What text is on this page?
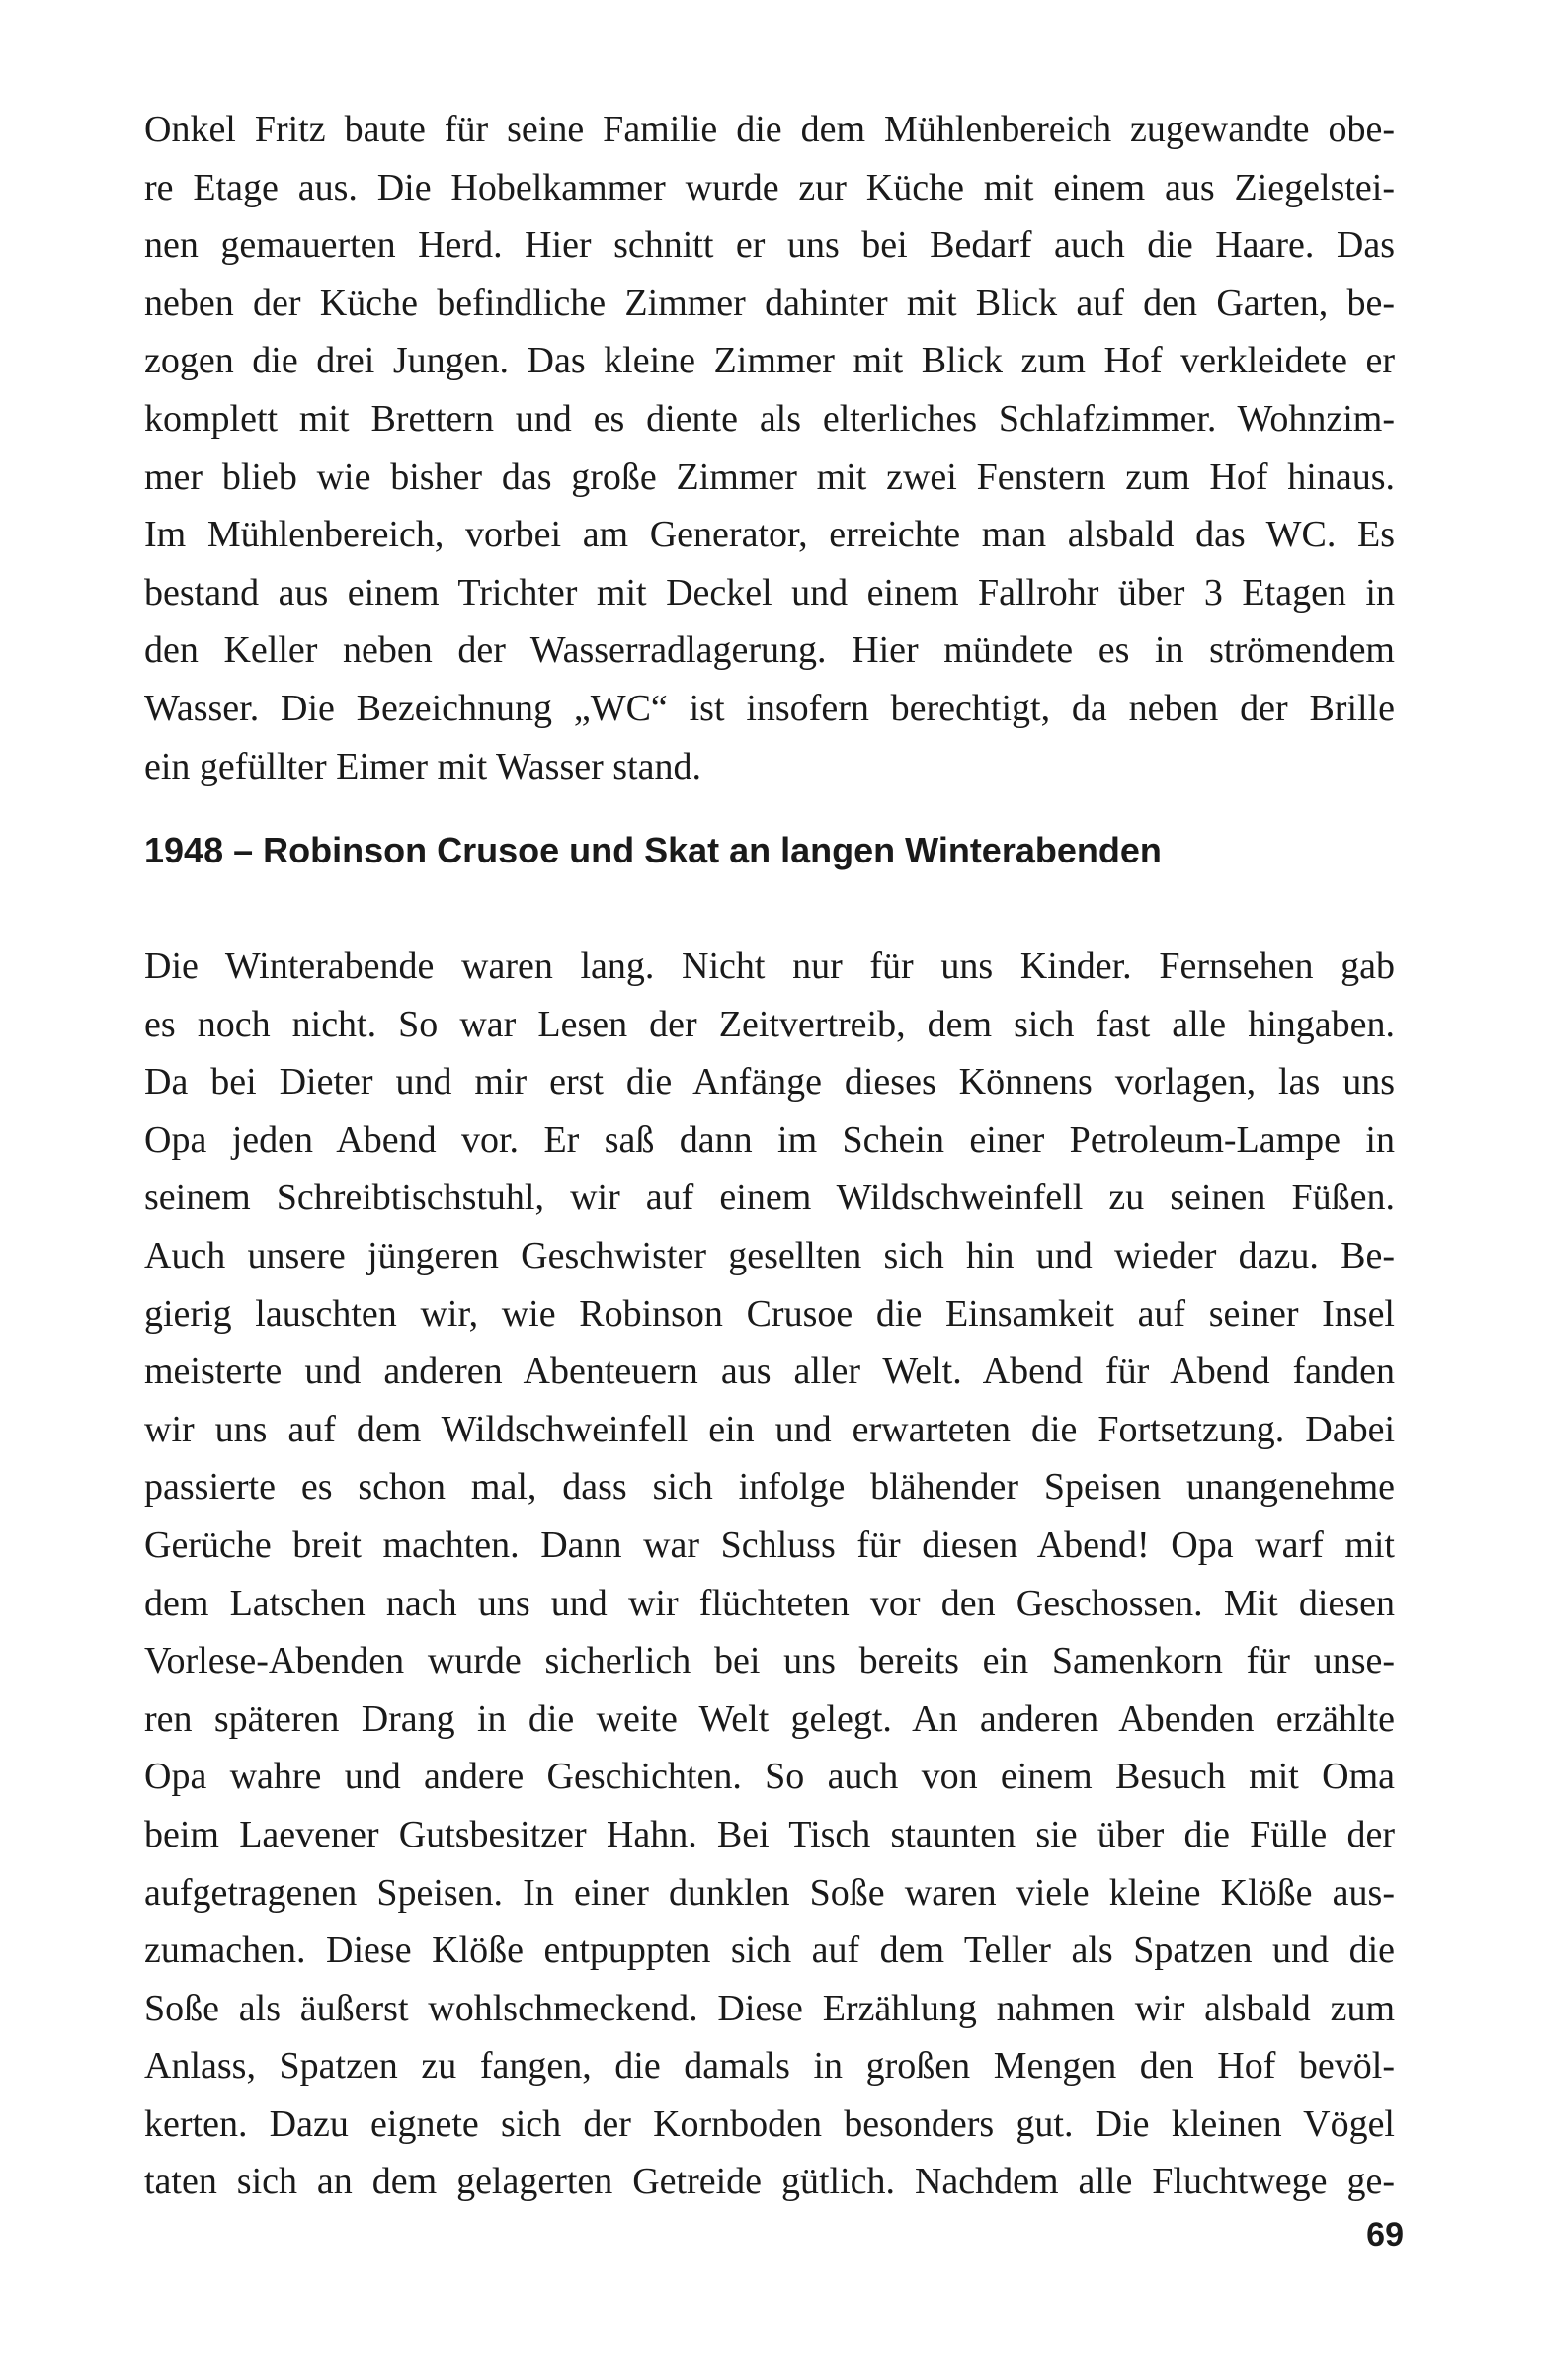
Onkel Fritz baute für seine Familie die dem Mühlenbereich zugewandte obe-
re Etage aus. Die Hobelkammer wurde zur Küche mit einem aus Ziegelstei-
nen gemauerten Herd. Hier schnitt er uns bei Bedarf auch die Haare. Das
neben der Küche befindliche Zimmer dahinter mit Blick auf den Garten, be-
zogen die drei Jungen. Das kleine Zimmer mit Blick zum Hof verkleidete er
komplett mit Brettern und es diente als elterliches Schlafzimmer. Wohnzim-
mer blieb wie bisher das große Zimmer mit zwei Fenstern zum Hof hinaus.
Im Mühlenbereich, vorbei am Generator, erreichte man alsbald das WC. Es
bestand aus einem Trichter mit Deckel und einem Fallrohr über 3 Etagen in
den Keller neben der Wasserradlagerung. Hier mündete es in strömendem
Wasser. Die Bezeichnung „WC“ ist insofern berechtigt, da neben der Brille
ein gefüllter Eimer mit Wasser stand.
1948 – Robinson Crusoe und Skat an langen Winterabenden
Die Winterabende waren lang. Nicht nur für uns Kinder. Fernsehen gab
es noch nicht. So war Lesen der Zeitvertreib, dem sich fast alle hingaben.
Da bei Dieter und mir erst die Anfänge dieses Könnens vorlagen, las uns
Opa jeden Abend vor. Er saß dann im Schein einer Petroleum-Lampe in
seinem Schreibtischstuhl, wir auf einem Wildschweinfell zu seinen Füßen.
Auch unsere jüngeren Geschwister gesellten sich hin und wieder dazu. Be-
gierig lauschten wir, wie Robinson Crusoe die Einsamkeit auf seiner Insel
meisterte und anderen Abenteuern aus aller Welt. Abend für Abend fanden
wir uns auf dem Wildschweinfell ein und erwarteten die Fortsetzung. Dabei
passierte es schon mal, dass sich infolge blähender Speisen unangenehme
Gerüche breit machten. Dann war Schluss für diesen Abend! Opa warf mit
dem Latschen nach uns und wir flüchteten vor den Geschossen. Mit diesen
Vorlese-Abenden wurde sicherlich bei uns bereits ein Samenkorn für unse-
ren späteren Drang in die weite Welt gelegt. An anderen Abenden erzählte
Opa wahre und andere Geschichten. So auch von einem Besuch mit Oma
beim Laevener Gutsbesitzer Hahn. Bei Tisch staunten sie über die Fülle der
aufgetragenen Speisen. In einer dunklen Soße waren viele kleine Klöße aus-
zumachen. Diese Klöße entpuppten sich auf dem Teller als Spatzen und die
Soße als äußerst wohlschmeckend. Diese Erzählung nahmen wir alsbald zum
Anlass, Spatzen zu fangen, die damals in großen Mengen den Hof bevöl-
kerten. Dazu eignete sich der Kornboden besonders gut. Die kleinen Vögel
taten sich an dem gelagerten Getreide gütlich. Nachdem alle Fluchtwege ge-
69
